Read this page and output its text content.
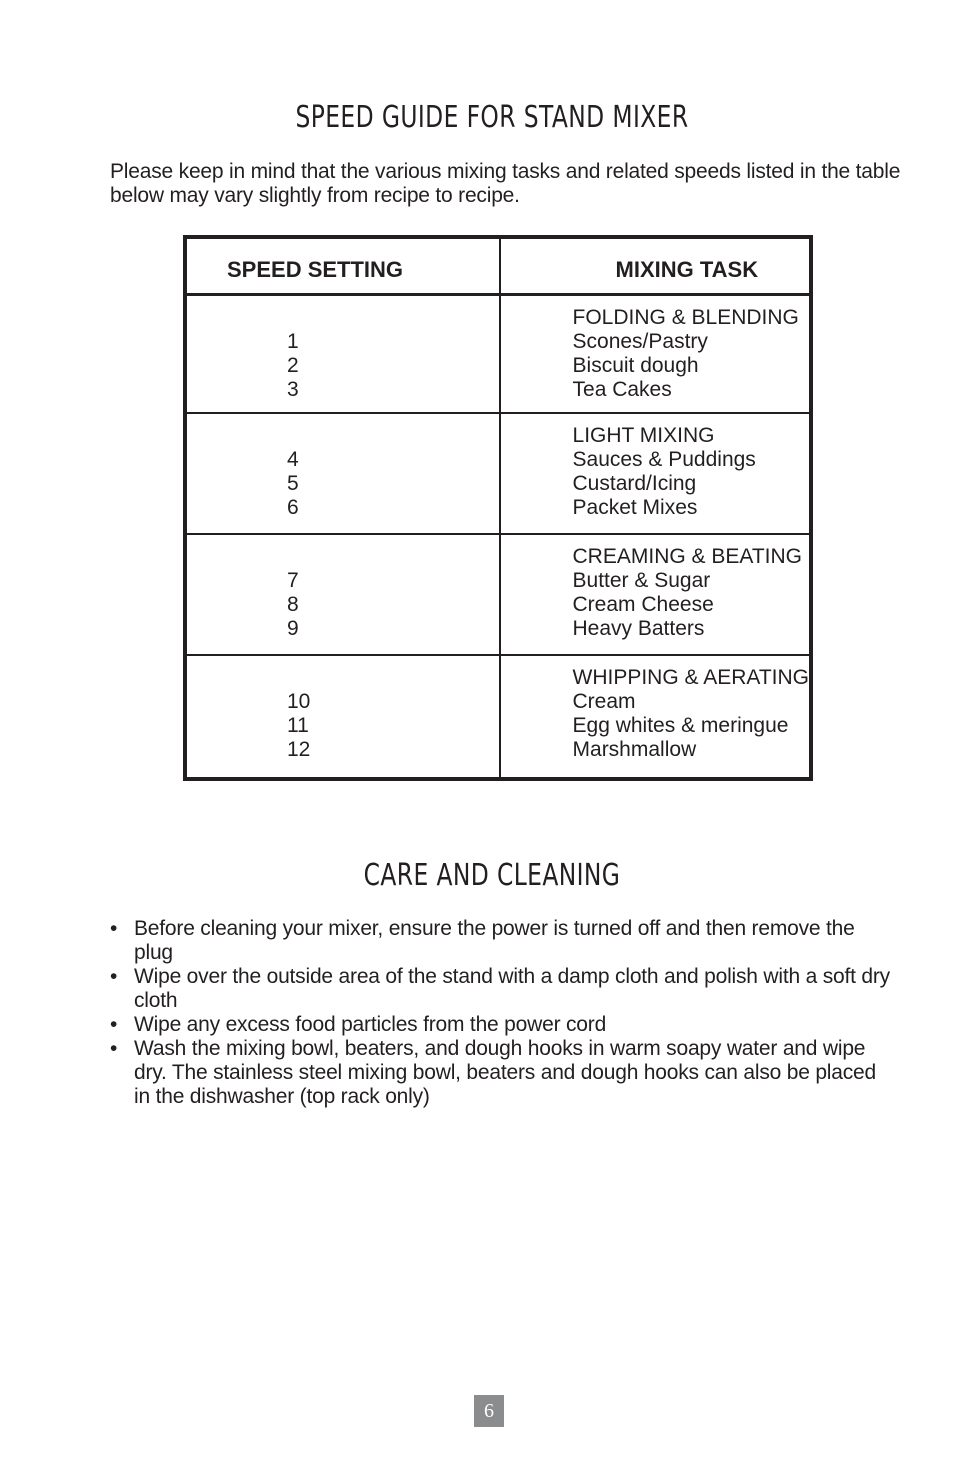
SPEED GUIDE FOR STAND MIXER

Please keep in mind that the various mixing tasks and related speeds listed in the table below may vary slightly from recipe to recipe.

SPEED SETTING	MIXING TASK

1
2
3	FOLDING & BLENDING
Scones/Pastry
Biscuit dough
Tea Cakes

4
5
6	LIGHT MIXING
Sauces & Puddings
Custard/Icing
Packet Mixes

7
8
9	CREAMING & BEATING
Butter & Sugar
Cream Cheese
Heavy Batters

10
11
12	WHIPPING & AERATING
Cream
Egg whites & meringue
Marshmallow
CARE AND CLEANING
• Before cleaning your mixer, ensure the power is turned off and then remove the plug
• Wipe over the outside area of the stand with a damp cloth and polish with a soft dry cloth
• Wipe any excess food particles from the power cord
• Wash the mixing bowl, beaters, and dough hooks in warm soapy water and wipe dry. The stainless steel mixing bowl, beaters and dough hooks can also be placed in the dishwasher (top rack only)
6
